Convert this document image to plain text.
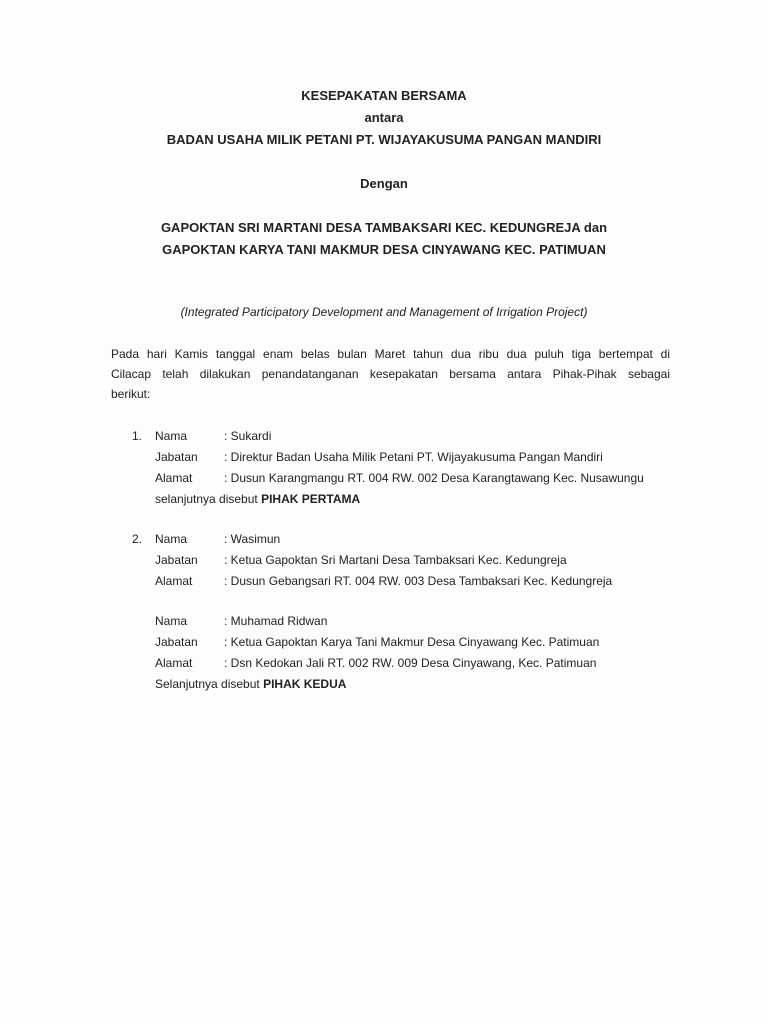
KESEPAKATAN BERSAMA
antara
BADAN USAHA MILIK PETANI PT. WIJAYAKUSUMA PANGAN MANDIRI
Dengan
GAPOKTAN SRI MARTANI DESA TAMBAKSARI KEC. KEDUNGREJA dan
GAPOKTAN KARYA TANI MAKMUR DESA CINYAWANG KEC. PATIMUAN
(Integrated Participatory Development and Management of Irrigation Project)
Pada hari Kamis tanggal enam belas bulan Maret tahun dua ribu dua puluh tiga bertempat di
Cilacap telah dilakukan penandatanganan kesepakatan bersama antara Pihak-Pihak sebagai
berikut:
1. Nama	: Sukardi
Jabatan : Direktur Badan Usaha Milik Petani PT. Wijayakusuma Pangan Mandiri
Alamat	: Dusun Karangmangu RT. 004 RW. 002 Desa Karangtawang Kec. Nusawungu
selanjutnya disebut PIHAK PERTAMA
2. Nama	: Wasimun
Jabatan : Ketua Gapoktan Sri Martani Desa Tambaksari Kec. Kedungreja
Alamat	: Dusun Gebangsari RT. 004 RW. 003 Desa Tambaksari Kec. Kedungreja
Nama	: Muhamad Ridwan
Jabatan : Ketua Gapoktan Karya Tani Makmur Desa Cinyawang Kec. Patimuan
Alamat	: Dsn Kedokan Jali RT. 002 RW. 009 Desa Cinyawang, Kec. Patimuan
Selanjutnya disebut PIHAK KEDUA
